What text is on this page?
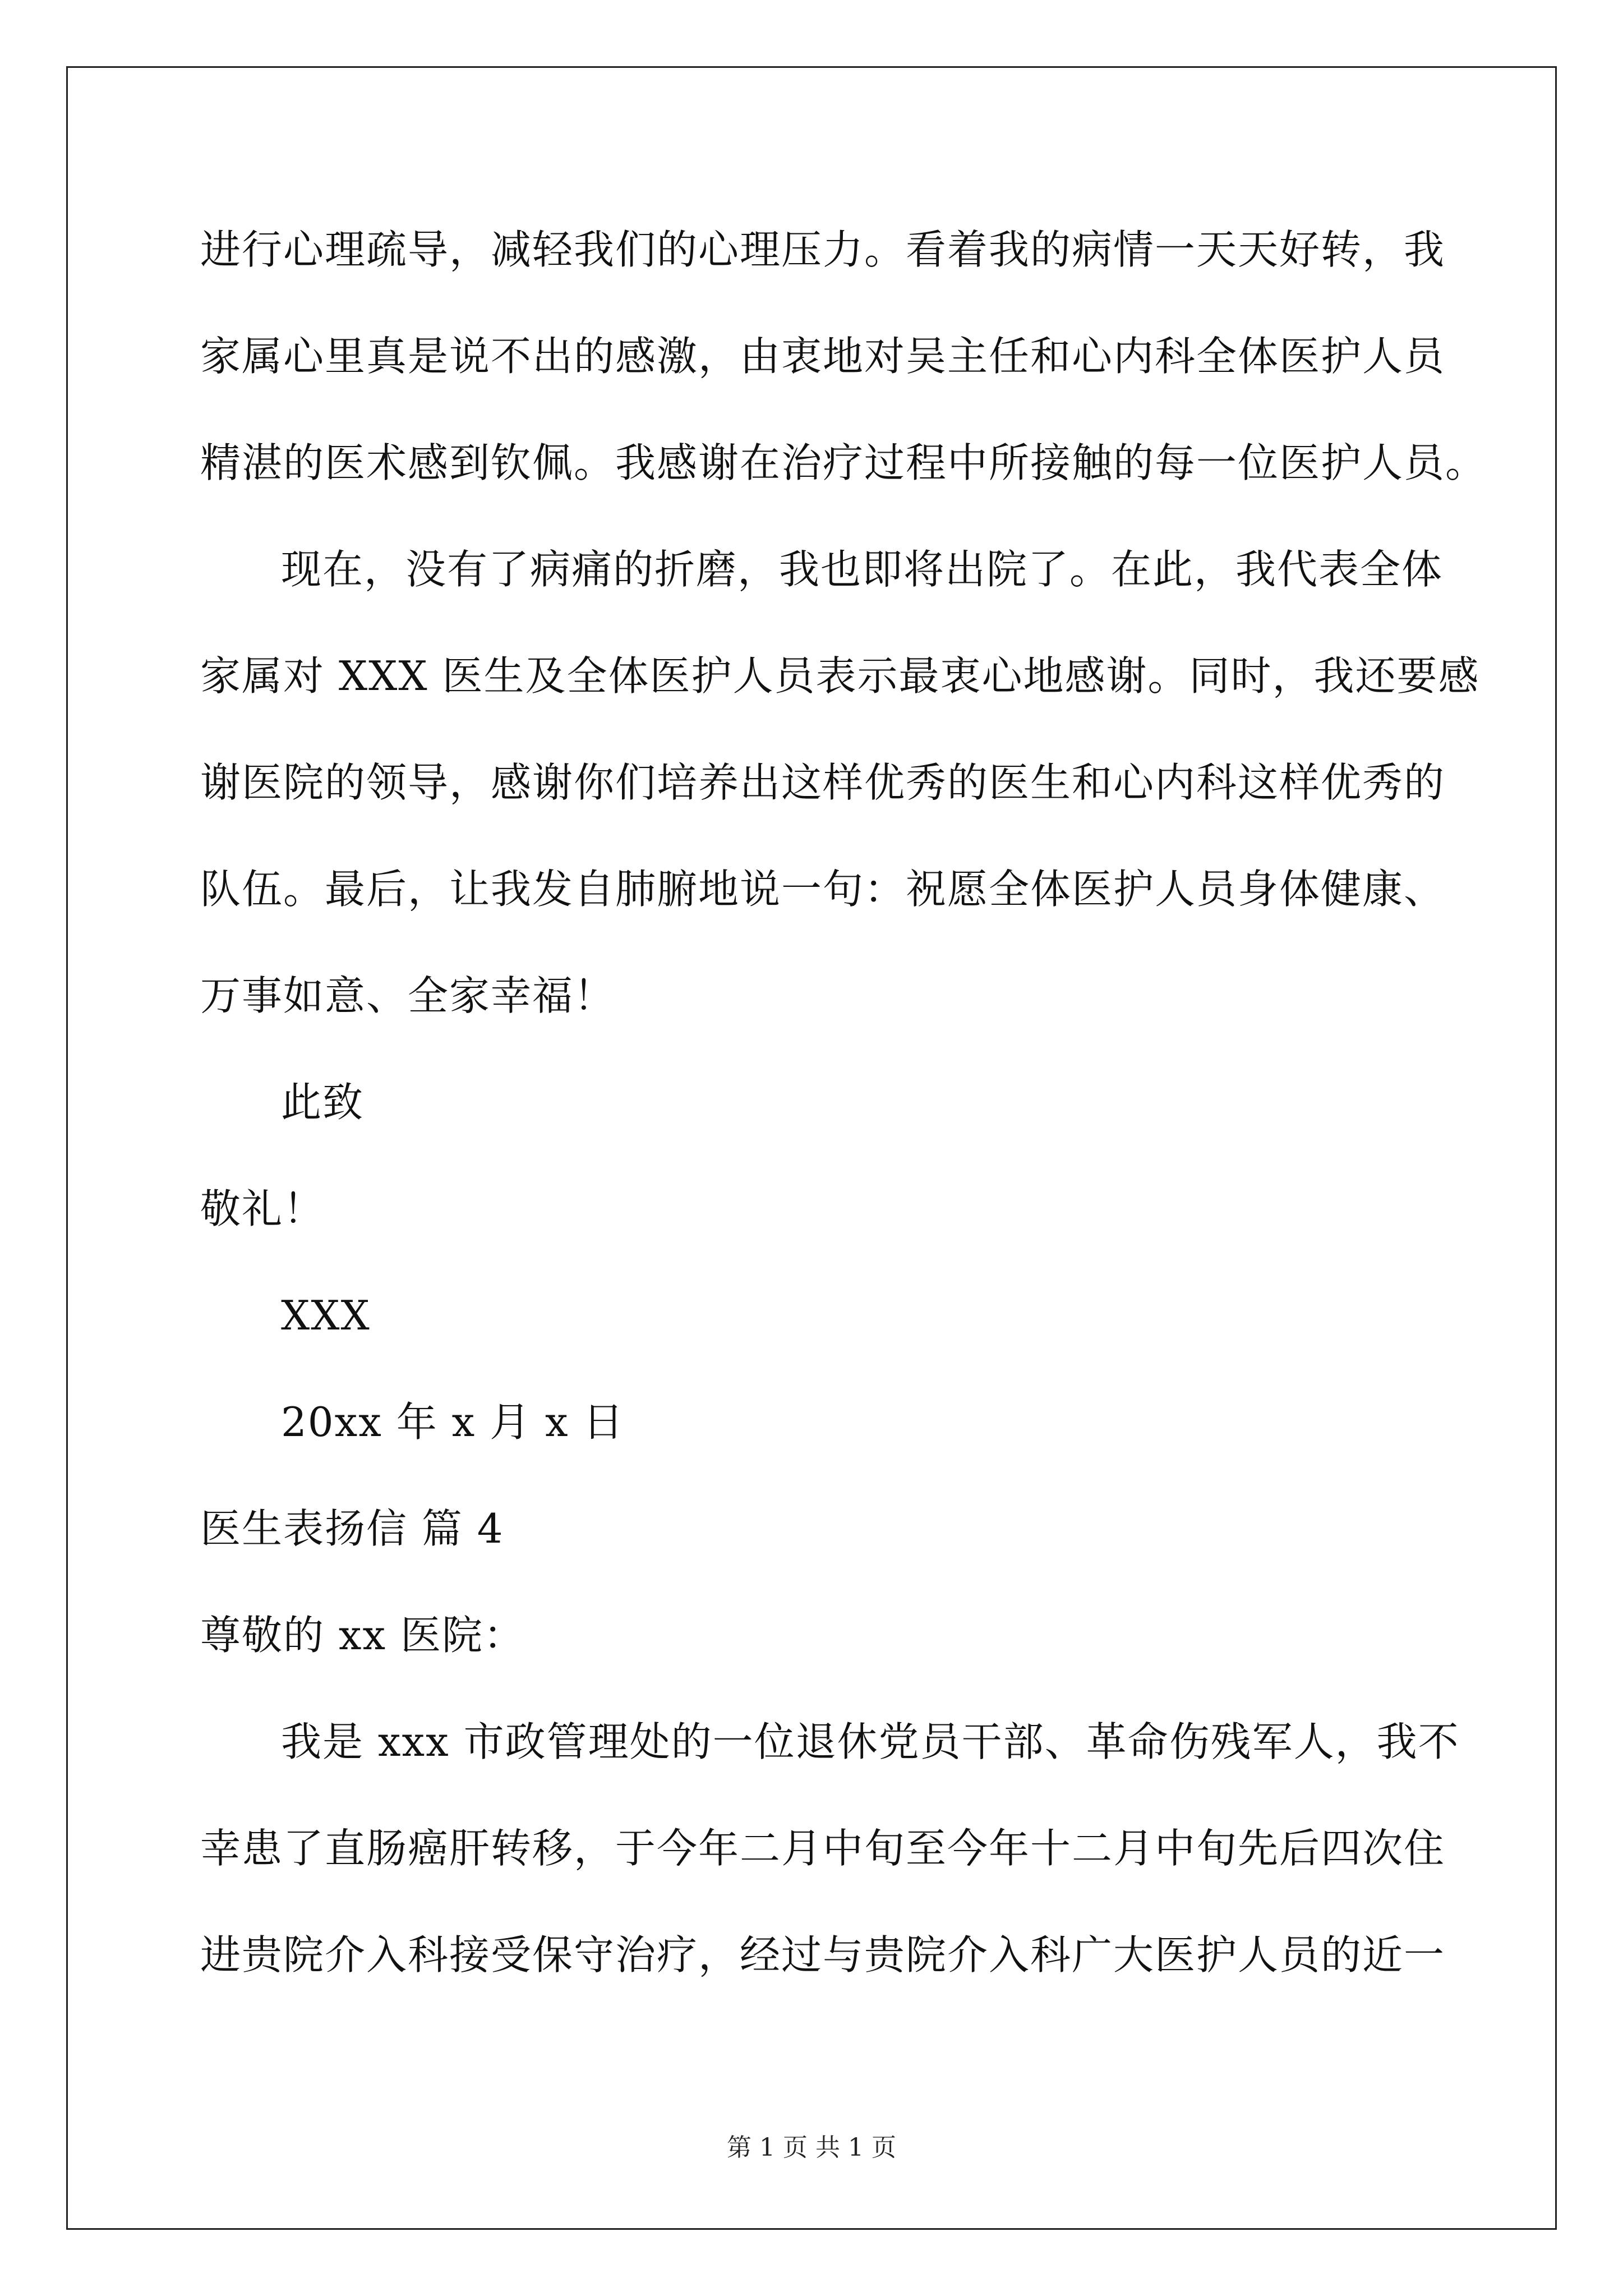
进行心理疏导，减轻我们的心理压力。看着我的病情一天天好转，我
家属心里真是说不出的感激，由衷地对吴主任和心内科全体医护人员
精湛的医术感到钦佩。我感谢在治疗过程中所接触的每一位医护人员。
现在，没有了病痛的折磨，我也即将出院了。在此，我代表全体
家属对 XXX 医生及全体医护人员表示最衷心地感谢。同时，我还要感
谢医院的领导，感谢你们培养出这样优秀的医生和心内科这样优秀的
队伍。最后，让我发自肺腑地说一句：祝愿全体医护人员身体健康、
万事如意、全家幸福！
此致
敬礼！
XXX
20xx 年 x 月 x 日
医生表扬信 篇 4
尊敬的 xx 医院：
我是 xxx 市政管理处的一位退休党员干部、革命伤残军人，我不
幸患了直肠癌肝转移，于今年二月中旬至今年十二月中旬先后四次住
进贵院介入科接受保守治疗，经过与贵院介入科广大医护人员的近一
第 1 页 共 1 页
